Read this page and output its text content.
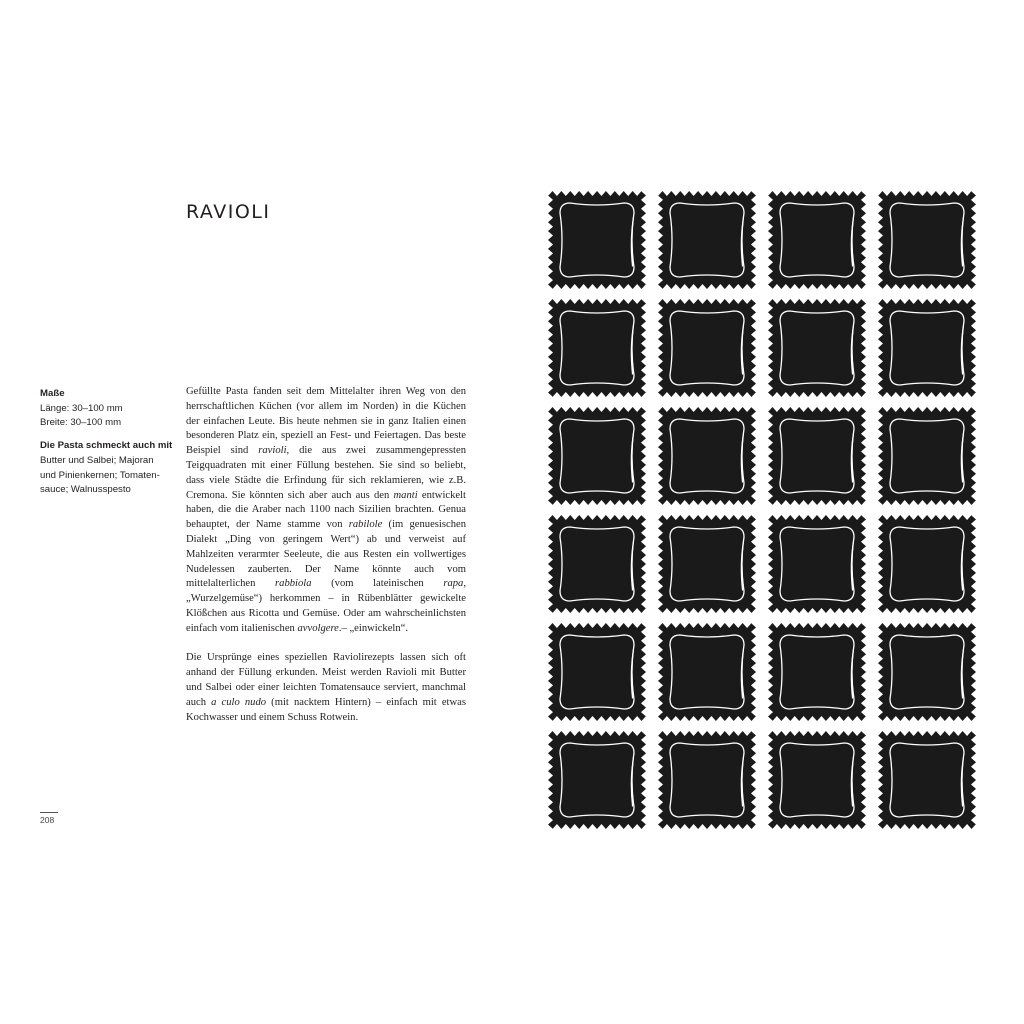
RAVIOLI
Maße
Länge: 30–100 mm
Breite: 30–100 mm
Die Pasta schmeckt auch mit
Butter und Salbei; Majoran
und Pinienkernen; Tomaten-
sauce; Walnusspesto

Gefüllte Pasta fanden seit dem Mittelalter ihren Weg von den herrschaftlichen Küchen (vor allem im Norden) in die Küchen der einfachen Leute. Bis heute nehmen sie in ganz Italien einen besonderen Platz ein, speziell an Fest- und Feiertagen. Das beste Beispiel sind ravioli, die aus zwei zusammengepressten Teigquadraten mit einer Füllung bestehen. Sie sind so beliebt, dass viele Städte die Erfindung für sich reklamieren, wie z.B. Cremona. Sie könnten sich aber auch aus den manti entwickelt haben, die die Araber nach 1100 nach Sizilien brachten. Genua behauptet, der Name stamme von rabilole (im genuesischen Dialekt „Ding von geringem Wert“) ab und verweist auf Mahlzeiten verarmter Seeleute, die aus Resten ein vollwertiges Nudelessen zauberten. Der Name könnte auch vom mittelalterlichen rabbiola (vom lateinischen rapa, „Wurzelgemüse“) herkommen – in Rübenblätter gewickelte Klößchen aus Ricotta und Gemüse. Oder am wahrscheinlichsten einfach vom italienischen avvolgere.– „einwickeln“.

Die Ursprünge eines speziellen Raviolirezepts lassen sich oft anhand der Füllung erkunden. Meist werden Ravioli mit Butter und Salbei oder einer leichten Tomatensauce serviert, manchmal auch a culo nudo (mit nacktem Hintern) – einfach mit etwas Kochwasser und einem Schuss Rotwein.

208
